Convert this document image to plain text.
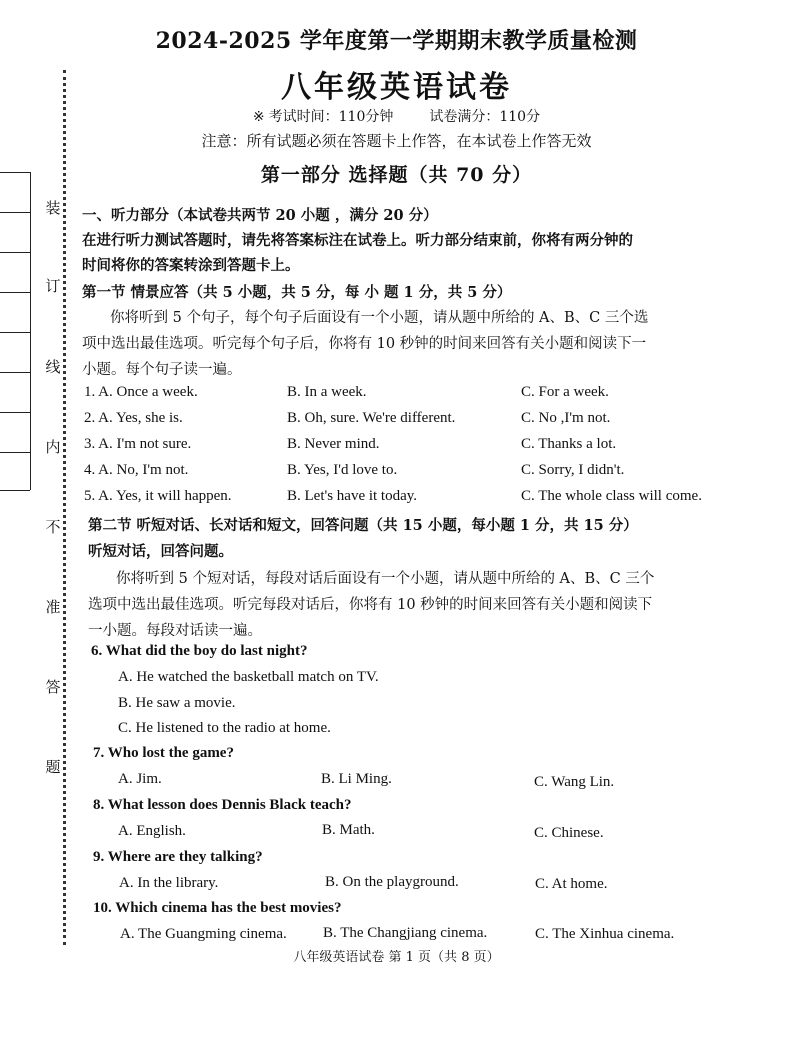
装
订
线
内
不
准
答
题
2024-2025 学年度第一学期期末教学质量检测
八年级英语试卷
※ 考试时间：110分钟	试卷满分：110分
注意：所有试题必须在答题卡上作答，在本试卷上作答无效
第一部分 选择题（共 70 分）
一、听力部分（本试卷共两节 20 小题 ，满分 20 分）
在进行听力测试答题时，请先将答案标注在试卷上。听力部分结束前，你将有两分钟的
时间将你的答案转涂到答题卡上。
第一节 情景应答（共 5 小题，共 5 分，每 小 题 1 分，共 5 分）
你将听到 5 个句子，每个句子后面设有一个小题，请从题中所给的 A、B、C 三个选
项中选出最佳选项。听完每个句子后，你将有 10 秒钟的时间来回答有关小题和阅读下一
小题。每个句子读一遍。
1. A. Once a week.	B. In a week.	C. For a week.
2. A. Yes, she is.	B. Oh, sure. We're different.	C. No ,I'm not.
3. A. I'm not sure.	B. Never mind.	C. Thanks a lot.
4. A. No, I'm not.	B. Yes, I'd love to.	C. Sorry, I didn't.
5. A. Yes, it will happen.	B. Let's have it today.	C. The whole class will come.
第二节 听短对话、长对话和短文，回答问题（共 15 小题，每小题 1 分，共 15 分）
听短对话，回答问题。
你将听到 5 个短对话，每段对话后面设有一个小题，请从题中所给的 A、B、C 三个
选项中选出最佳选项。听完每段对话后，你将有 10 秒钟的时间来回答有关小题和阅读下
一小题。每段对话读一遍。
6. What did the boy do last night?
A. He watched the basketball match on TV.
B. He saw a movie.
C. He listened to the radio at home.
7. Who lost the game?
A. Jim.	B. Li Ming.	C. Wang Lin.
8. What lesson does Dennis Black teach?
A. English.	B. Math.	C. Chinese.
9. Where are they talking?
A. In the library.	B. On the playground.	C. At home.
10. Which cinema has the best movies?
A. The Guangming cinema. B. The Changjiang cinema.	C. The Xinhua cinema.
八年级英语试卷 第 1 页（共 8 页）
